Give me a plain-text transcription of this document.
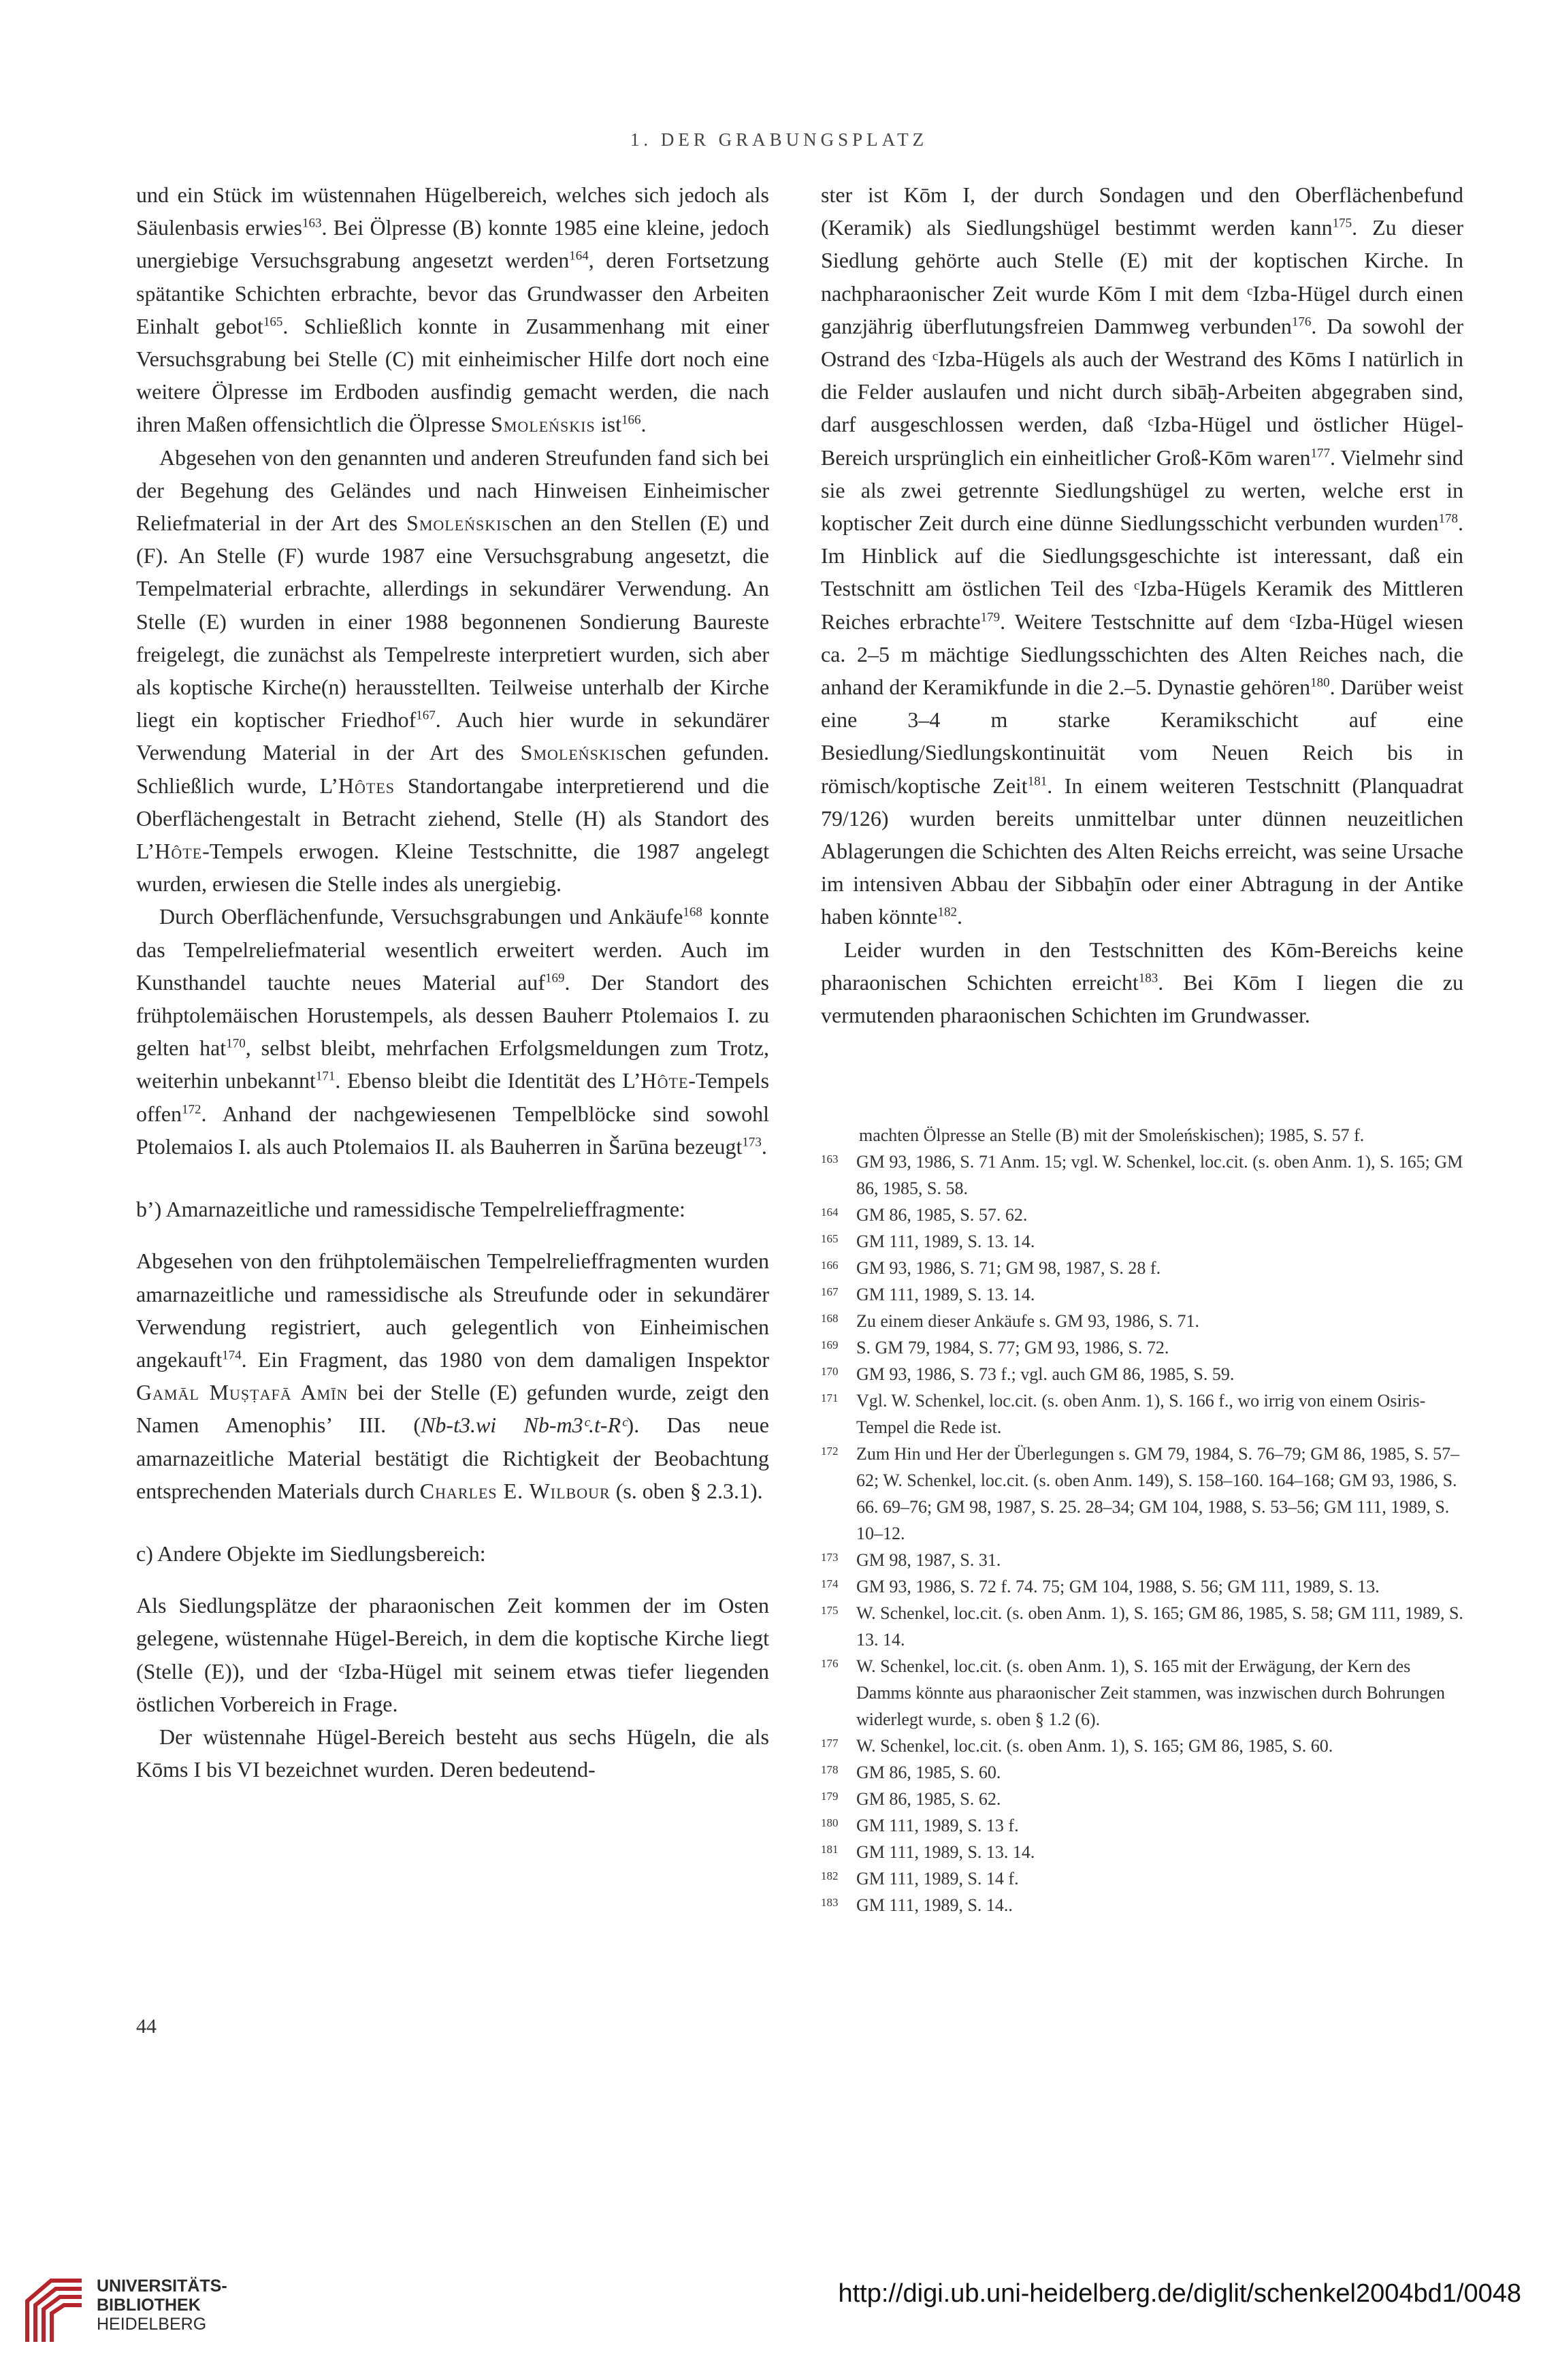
1. DER GRABUNGSPLATZ

und ein Stück im wüstennahen Hügelbereich, welches sich jedoch als Säulenbasis erwies$^{163}$. Bei Ölpresse (B) konnte 1985 eine kleine, jedoch unergiebige Versuchsgrabung angesetzt werden$^{164}$, deren Fortsetzung spätantike Schichten erbrachte, bevor das Grundwasser den Arbeiten Einhalt gebot$^{165}$. Schließlich konnte in Zusammenhang mit einer Versuchsgrabung bei Stelle (C) mit einheimischer Hilfe dort noch eine weitere Ölpresse im Erdboden ausfindig gemacht werden, die nach ihren Maßen offensichtlich die Ölpresse Smoleńskis ist$^{166}$.

Abgesehen von den genannten und anderen Streufunden fand sich bei der Begehung des Geländes und nach Hinweisen Einheimischer Reliefmaterial in der Art des Smoleńskischen an den Stellen (E) und (F). An Stelle (F) wurde 1987 eine Versuchsgrabung angesetzt, die Tempelmaterial erbrachte, allerdings in sekundärer Verwendung. An Stelle (E) wurden in einer 1988 begonnenen Sondierung Baureste freigelegt, die zunächst als Tempelreste interpretiert wurden, sich aber als koptische Kirche(n) herausstellten. Teilweise unterhalb der Kirche liegt ein koptischer Friedhof$^{167}$. Auch hier wurde in sekundärer Verwendung Material in der Art des Smoleńskischen gefunden. Schließlich wurde, L’Hôtes Standortangabe interpretierend und die Oberflächengestalt in Betracht ziehend, Stelle (H) als Standort des L’Hôte-Tempels erwogen. Kleine Testschnitte, die 1987 angelegt wurden, erwiesen die Stelle indes als unergiebig.

Durch Oberflächenfunde, Versuchsgrabungen und Ankäufe$^{168}$ konnte das Tempelreliefmaterial wesentlich erweitert werden. Auch im Kunsthandel tauchte neues Material auf$^{169}$. Der Standort des frühptolemäischen Horustempels, als dessen Bauherr Ptolemaios I. zu gelten hat$^{170}$, selbst bleibt, mehrfachen Erfolgsmeldungen zum Trotz, weiterhin unbekannt$^{171}$. Ebenso bleibt die Identität des L’Hôte-Tempels offen$^{172}$. Anhand der nachgewiesenen Tempelblöcke sind sowohl Ptolemaios I. als auch Ptolemaios II. als Bauherren in Šarūna bezeugt$^{173}$.

b’) Amarnazeitliche und ramessidische Tempelrelieffragmente:

Abgesehen von den frühptolemäischen Tempelrelieffragmenten wurden amarnazeitliche und ramessidische als Streufunde oder in sekundärer Verwendung registriert, auch gelegentlich von Einheimischen angekauft$^{174}$. Ein Fragment, das 1980 von dem damaligen Inspektor Gamāl Muṣṭafā Amīn bei der Stelle (E) gefunden wurde, zeigt den Namen Amenophis’ III. (Nb-t3.wi Nb-m3ᶜ.t-Rᶜ). Das neue amarnazeitliche Material bestätigt die Richtigkeit der Beobachtung entsprechenden Materials durch Charles E. Wilbour (s. oben § 2.3.1).

c) Andere Objekte im Siedlungsbereich:

Als Siedlungsplätze der pharaonischen Zeit kommen der im Osten gelegene, wüstennahe Hügel-Bereich, in dem die koptische Kirche liegt (Stelle (E)), und der ᶜIzba-Hügel mit seinem etwas tiefer liegenden östlichen Vorbereich in Frage.

Der wüstennahe Hügel-Bereich besteht aus sechs Hügeln, die als Kōms I bis VI bezeichnet wurden. Deren bedeutend-

ster ist Kōm I, der durch Sondagen und den Oberflächenbefund (Keramik) als Siedlungshügel bestimmt werden kann$^{175}$. Zu dieser Siedlung gehörte auch Stelle (E) mit der koptischen Kirche. In nachpharaonischer Zeit wurde Kōm I mit dem ᶜIzba-Hügel durch einen ganzjährig überflutungsfreien Dammweg verbunden$^{176}$. Da sowohl der Ostrand des ᶜIzba-Hügels als auch der Westrand des Kōms I natürlich in die Felder auslaufen und nicht durch sibāḫ-Arbeiten abgegraben sind, darf ausgeschlossen werden, daß ᶜIzba-Hügel und östlicher Hügel-Bereich ursprünglich ein einheitlicher Groß-Kōm waren$^{177}$. Vielmehr sind sie als zwei getrennte Siedlungshügel zu werten, welche erst in koptischer Zeit durch eine dünne Siedlungsschicht verbunden wurden$^{178}$. Im Hinblick auf die Siedlungsgeschichte ist interessant, daß ein Testschnitt am östlichen Teil des ᶜIzba-Hügels Keramik des Mittleren Reiches erbrachte$^{179}$. Weitere Testschnitte auf dem ᶜIzba-Hügel wiesen ca. 2–5 m mächtige Siedlungsschichten des Alten Reiches nach, die anhand der Keramikfunde in die 2.–5. Dynastie gehören$^{180}$. Darüber weist eine 3–4 m starke Keramikschicht auf eine Besiedlung/Siedlungskontinuität vom Neuen Reich bis in römisch/koptische Zeit$^{181}$. In einem weiteren Testschnitt (Planquadrat 79/126) wurden bereits unmittelbar unter dünnen neuzeitlichen Ablagerungen die Schichten des Alten Reichs erreicht, was seine Ursache im intensiven Abbau der Sibbaḫīn oder einer Abtragung in der Antike haben könnte$^{182}$.

Leider wurden in den Testschnitten des Kōm-Bereichs keine pharaonischen Schichten erreicht$^{183}$. Bei Kōm I liegen die zu vermutenden pharaonischen Schichten im Grundwasser.

machten Ölpresse an Stelle (B) mit der Smoleńskischen); 1985, S. 57 f.

163	GM 93, 1986, S. 71 Anm. 15; vgl. W. Schenkel, loc.cit. (s. oben Anm. 1), S. 165; GM 86, 1985, S. 58.

164	GM 86, 1985, S. 57. 62.

165	GM 111, 1989, S. 13. 14.

166	GM 93, 1986, S. 71; GM 98, 1987, S. 28 f.

167	GM 111, 1989, S. 13. 14.

168	Zu einem dieser Ankäufe s. GM 93, 1986, S. 71.

169	S. GM 79, 1984, S. 77; GM 93, 1986, S. 72.

170	GM 93, 1986, S. 73 f.; vgl. auch GM 86, 1985, S. 59.

171	Vgl. W. Schenkel, loc.cit. (s. oben Anm. 1), S. 166 f., wo irrig von einem Osiris-Tempel die Rede ist.

172	Zum Hin und Her der Überlegungen s. GM 79, 1984, S. 76–79; GM 86, 1985, S. 57–62; W. Schenkel, loc.cit. (s. oben Anm. 149), S. 158–160. 164–168; GM 93, 1986, S. 66. 69–76; GM 98, 1987, S. 25. 28–34; GM 104, 1988, S. 53–56; GM 111, 1989, S. 10–12.

173	GM 98, 1987, S. 31.

174	GM 93, 1986, S. 72 f. 74. 75; GM 104, 1988, S. 56; GM 111, 1989, S. 13.

175	W. Schenkel, loc.cit. (s. oben Anm. 1), S. 165; GM 86, 1985, S. 58; GM 111, 1989, S. 13. 14.

176	W. Schenkel, loc.cit. (s. oben Anm. 1), S. 165 mit der Erwägung, der Kern des Damms könnte aus pharaonischer Zeit stammen, was inzwischen durch Bohrungen widerlegt wurde, s. oben § 1.2 (6).

177	W. Schenkel, loc.cit. (s. oben Anm. 1), S. 165; GM 86, 1985, S. 60.

178	GM 86, 1985, S. 60.

179	GM 86, 1985, S. 62.

180	GM 111, 1989, S. 13 f.

181	GM 111, 1989, S. 13. 14.

182	GM 111, 1989, S. 14 f.

183	GM 111, 1989, S. 14..

44
UNIVERSITÄTS-
BIBLIOTHEK
HEIDELBERG
http://digi.ub.uni-heidelberg.de/diglit/schenkel2004bd1/0048
